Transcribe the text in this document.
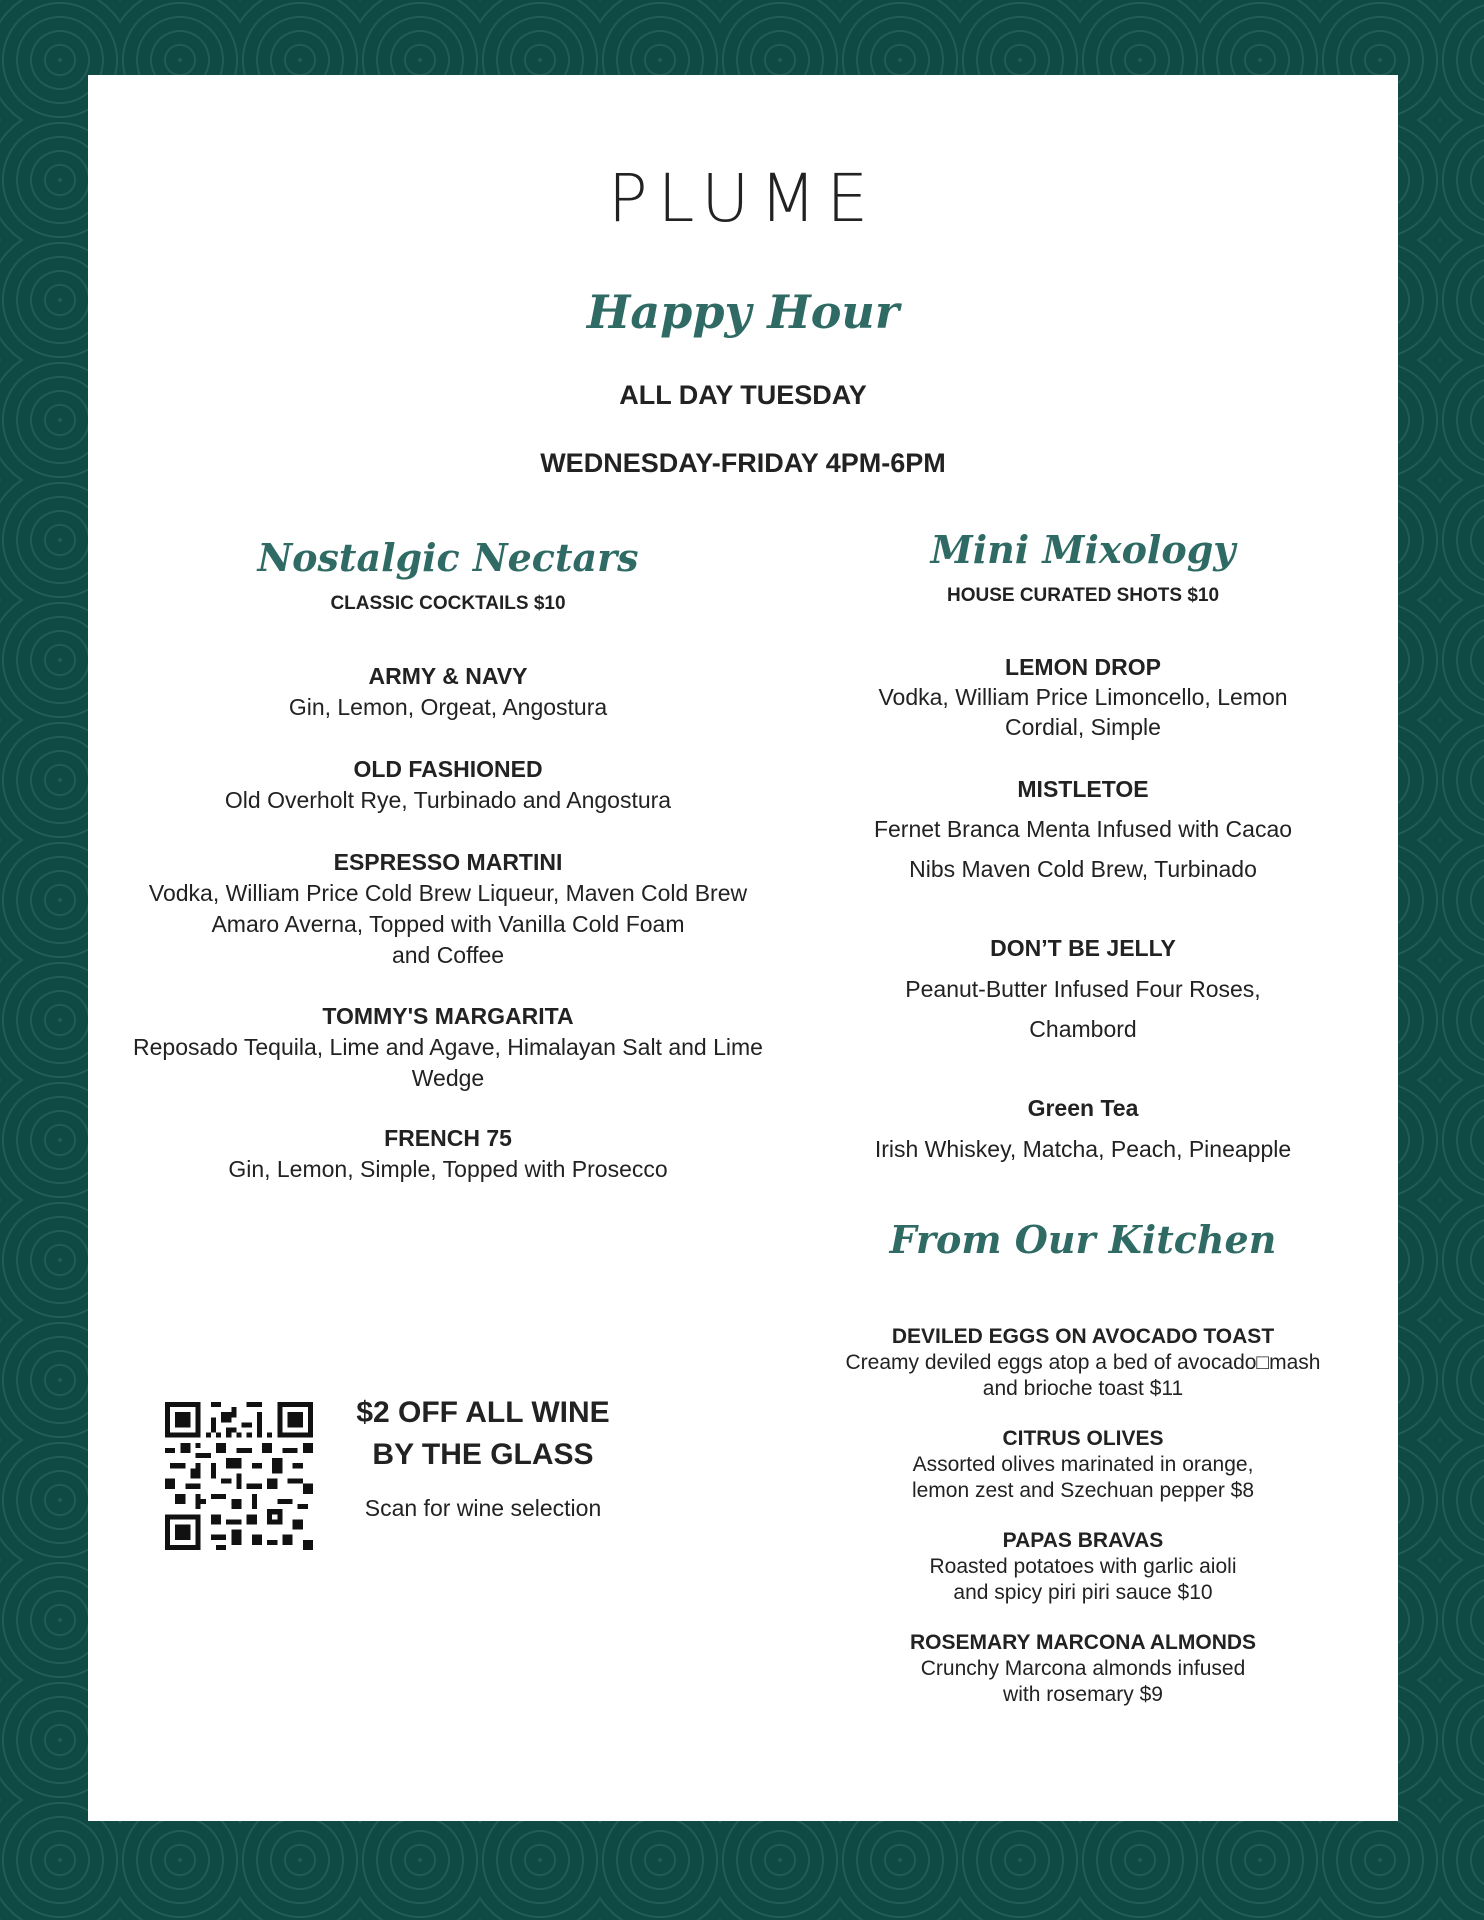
PLUME
Happy Hour
ALL DAY TUESDAY
WEDNESDAY-FRIDAY 4PM-6PM
Nostalgic Nectars
CLASSIC COCKTAILS $10
ARMY & NAVY
Gin, Lemon, Orgeat, Angostura
OLD FASHIONED
Old Overholt Rye, Turbinado and Angostura
ESPRESSO MARTINI
Vodka, William Price Cold Brew Liqueur, Maven Cold Brew
Amaro Averna, Topped with Vanilla Cold Foam
and Coffee
TOMMY'S MARGARITA
Reposado Tequila, Lime and Agave, Himalayan Salt and Lime
Wedge
FRENCH 75
Gin, Lemon, Simple, Topped with Prosecco
Mini Mixology
HOUSE CURATED SHOTS $10
LEMON DROP
Vodka, William Price Limoncello, Lemon
Cordial, Simple
MISTLETOE
Fernet Branca Menta Infused with Cacao
Nibs Maven Cold Brew, Turbinado
DON’T BE JELLY
Peanut-Butter Infused Four Roses,
Chambord
Green Tea
Irish Whiskey, Matcha, Peach, Pineapple
From Our Kitchen
DEVILED EGGS ON AVOCADO TOAST
Creamy deviled eggs atop a bed of avocado□mash
and brioche toast $11
CITRUS OLIVES
Assorted olives marinated in orange,
lemon zest and Szechuan pepper $8
PAPAS BRAVAS
Roasted potatoes with garlic aioli
and spicy piri piri sauce $10
ROSEMARY MARCONA ALMONDS
Crunchy Marcona almonds infused
with rosemary $9
$2 OFF ALL WINE
BY THE GLASS
Scan for wine selection
